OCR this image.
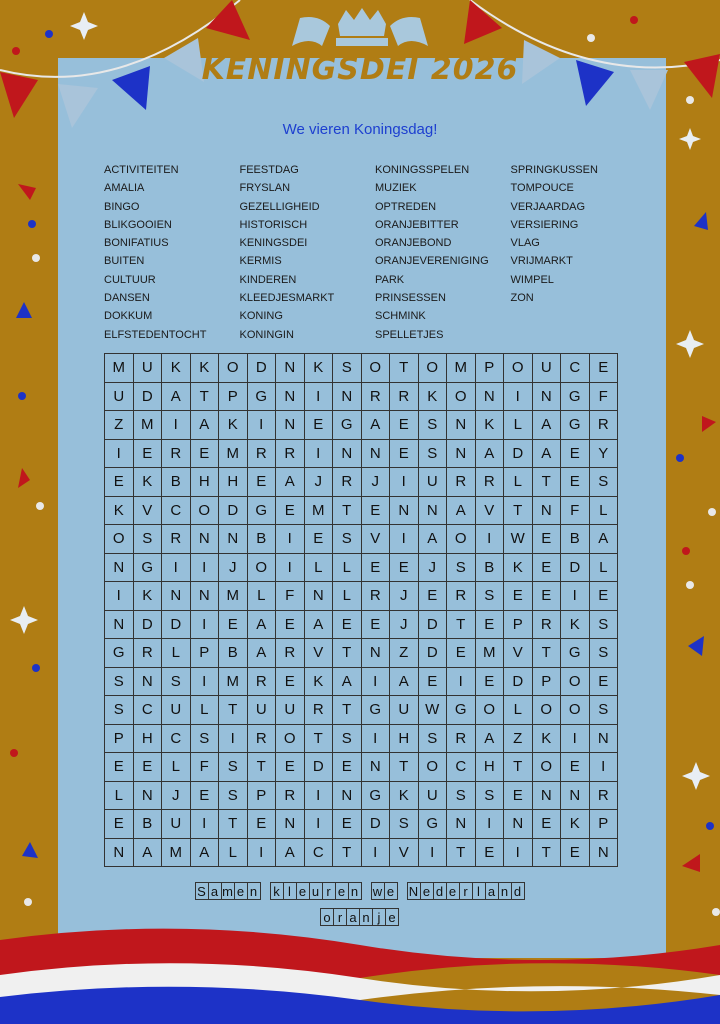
KENINGSDEI 2026
We vieren Koningsdag!
ACTIVITEITEN
AMALIA
BINGO
BLIKGOOIEN
BONIFATIUS
BUITEN
CULTUUR
DANSEN
DOKKUM
ELFSTEDENTOCHT
FEESTDAG
FRYSLAN
GEZELLIGHEID
HISTORISCH
KENINGSDEI
KERMIS
KINDEREN
KLEEDJESMARKT
KONING
KONINGIN
KONINGSSPELEN
MUZIEK
OPTREDEN
ORANJEBITTER
ORANJEBOND
ORANJEVERENIGING
PARK
PRINSESSEN
SCHMINK
SPELLETJES
SPRINGKUSSEN
TOMPOUCE
VERJAARDAG
VERSIERING
VLAG
VRIJMARKT
WIMPEL
ZON
M	U	K	K	O	D	N	K	S	O	T	O	M	P	O	U	C	E
U	D	A	T	P	G	N	I	N	R	R	K	O	N	I	N	G	F
Z	M	I	A	K	I	N	E	G	A	E	S	N	K	L	A	G	R
I	E	R	E	M	R	R	I	N	N	E	S	N	A	D	A	E	Y
E	K	B	H	H	E	A	J	R	J	I	U	R	R	L	T	E	S
K	V	C	O	D	G	E	M	T	E	N	N	A	V	T	N	F	L
O	S	R	N	N	B	I	E	S	V	I	A	O	I	W	E	B	A
N	G	I	I	J	O	I	L	L	E	E	J	S	B	K	E	D	L
I	K	N	N	M	L	F	N	L	R	J	E	R	S	E	E	I	E
N	D	D	I	E	A	E	A	E	E	J	D	T	E	P	R	K	S
G	R	L	P	B	A	R	V	T	N	Z	D	E	M	V	T	G	S
S	N	S	I	M	R	E	K	A	I	A	E	I	E	D	P	O	E
S	C	U	L	T	U	U	R	T	G	U	W	G	O	L	O	O	S
P	H	C	S	I	R	O	T	S	I	H	S	R	A	Z	K	I	N
E	E	L	F	S	T	E	D	E	N	T	O	C	H	T	O	E	I
L	N	J	E	S	P	R	I	N	G	K	U	S	S	E	N	N	R
E	B	U	I	T	E	N	I	E	D	S	G	N	I	N	E	K	P
N	A	M	A	L	I	A	C	T	I	V	I	T	E	I	T	E	N
S a m e n k l e u r e n w e N e d e r l a n d
o r a n j e
